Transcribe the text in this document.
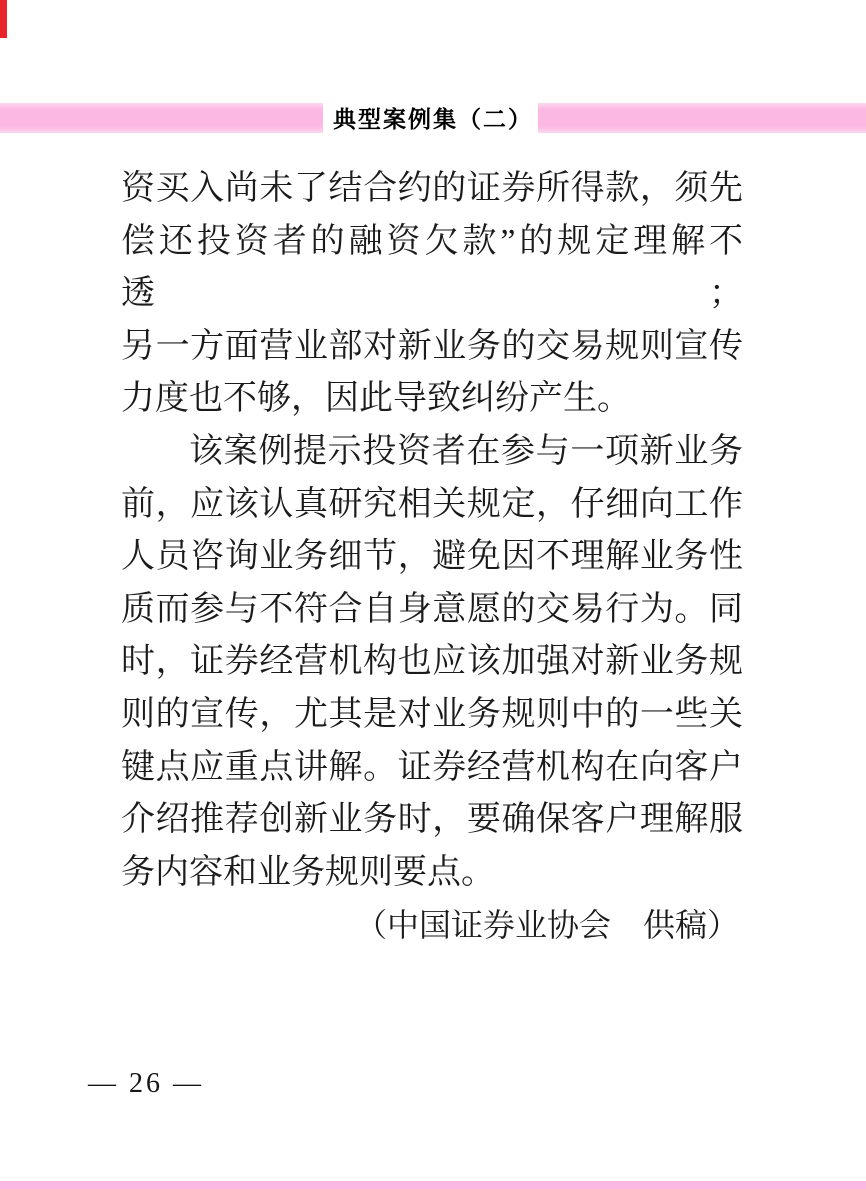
典型案例集（二）
资买入尚未了结合约的证券所得款，须先
偿还投资者的融资欠款”的规定理解不透；
另一方面营业部对新业务的交易规则宣传
力度也不够，因此导致纠纷产生。
该案例提示投资者在参与一项新业务
前，应该认真研究相关规定，仔细向工作
人员咨询业务细节，避免因不理解业务性
质而参与不符合自身意愿的交易行为。同
时，证券经营机构也应该加强对新业务规
则的宣传，尤其是对业务规则中的一些关
键点应重点讲解。证券经营机构在向客户
介绍推荐创新业务时，要确保客户理解服
务内容和业务规则要点。
（中国证券业协会　供稿）
— 26 —
